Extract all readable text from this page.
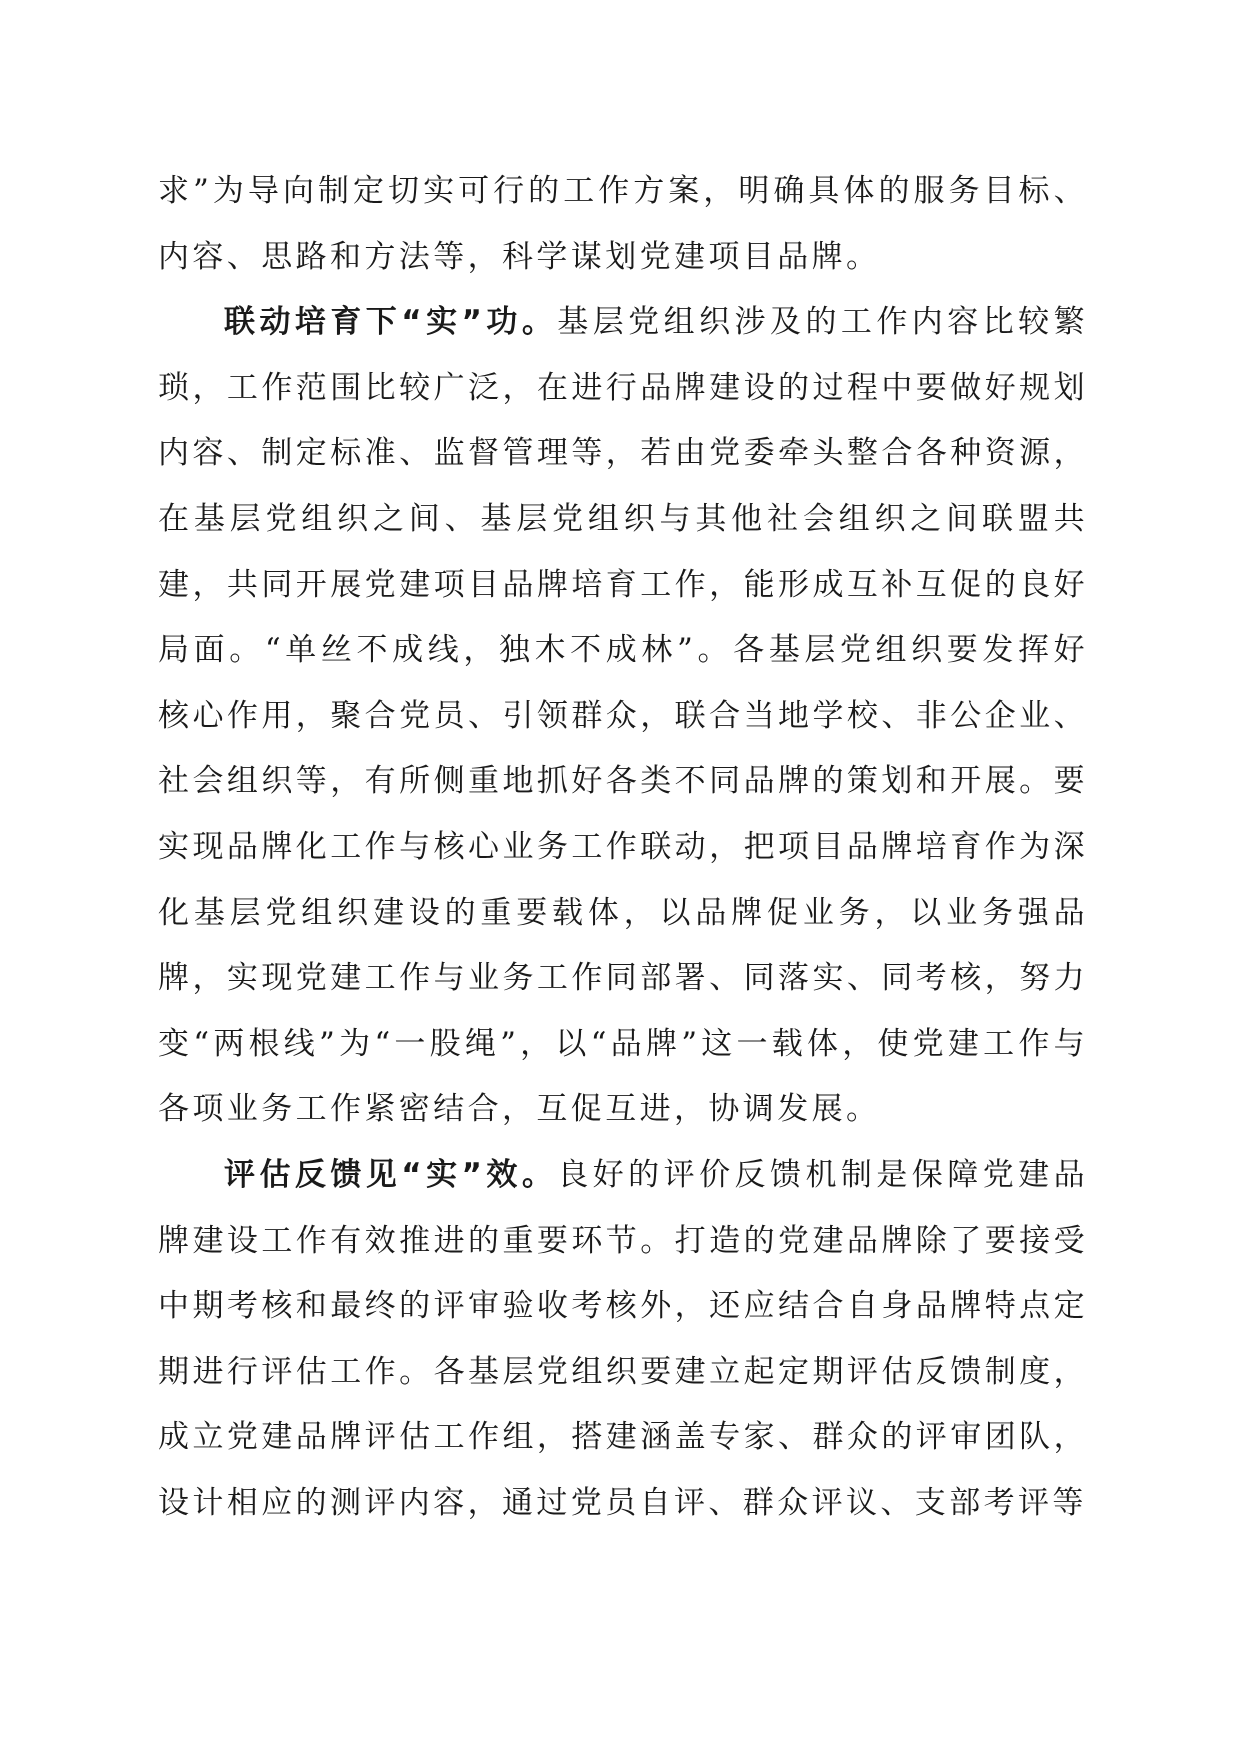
求”为导向制定切实可行的工作方案，明确具体的服务目标、内容、思路和方法等，科学谋划党建项目品牌。

联动培育下“实”功。基层党组织涉及的工作内容比较繁琐，工作范围比较广泛，在进行品牌建设的过程中要做好规划内容、制定标准、监督管理等，若由党委牵头整合各种资源，在基层党组织之间、基层党组织与其他社会组织之间联盟共建，共同开展党建项目品牌培育工作，能形成互补互促的良好局面。“单丝不成线，独木不成林”。各基层党组织要发挥好核心作用，聚合党员、引领群众，联合当地学校、非公企业、社会组织等，有所侧重地抓好各类不同品牌的策划和开展。要实现品牌化工作与核心业务工作联动，把项目品牌培育作为深化基层党组织建设的重要载体，以品牌促业务，以业务强品牌，实现党建工作与业务工作同部署、同落实、同考核，努力变“两根线”为“一股绳”，以“品牌”这一载体，使党建工作与各项业务工作紧密结合，互促互进，协调发展。

评估反馈见“实”效。良好的评价反馈机制是保障党建品牌建设工作有效推进的重要环节。打造的党建品牌除了要接受中期考核和最终的评审验收考核外，还应结合自身品牌特点定期进行评估工作。各基层党组织要建立起定期评估反馈制度，成立党建品牌评估工作组，搭建涵盖专家、群众的评审团队，设计相应的测评内容，通过党员自评、群众评议、支部考评等
